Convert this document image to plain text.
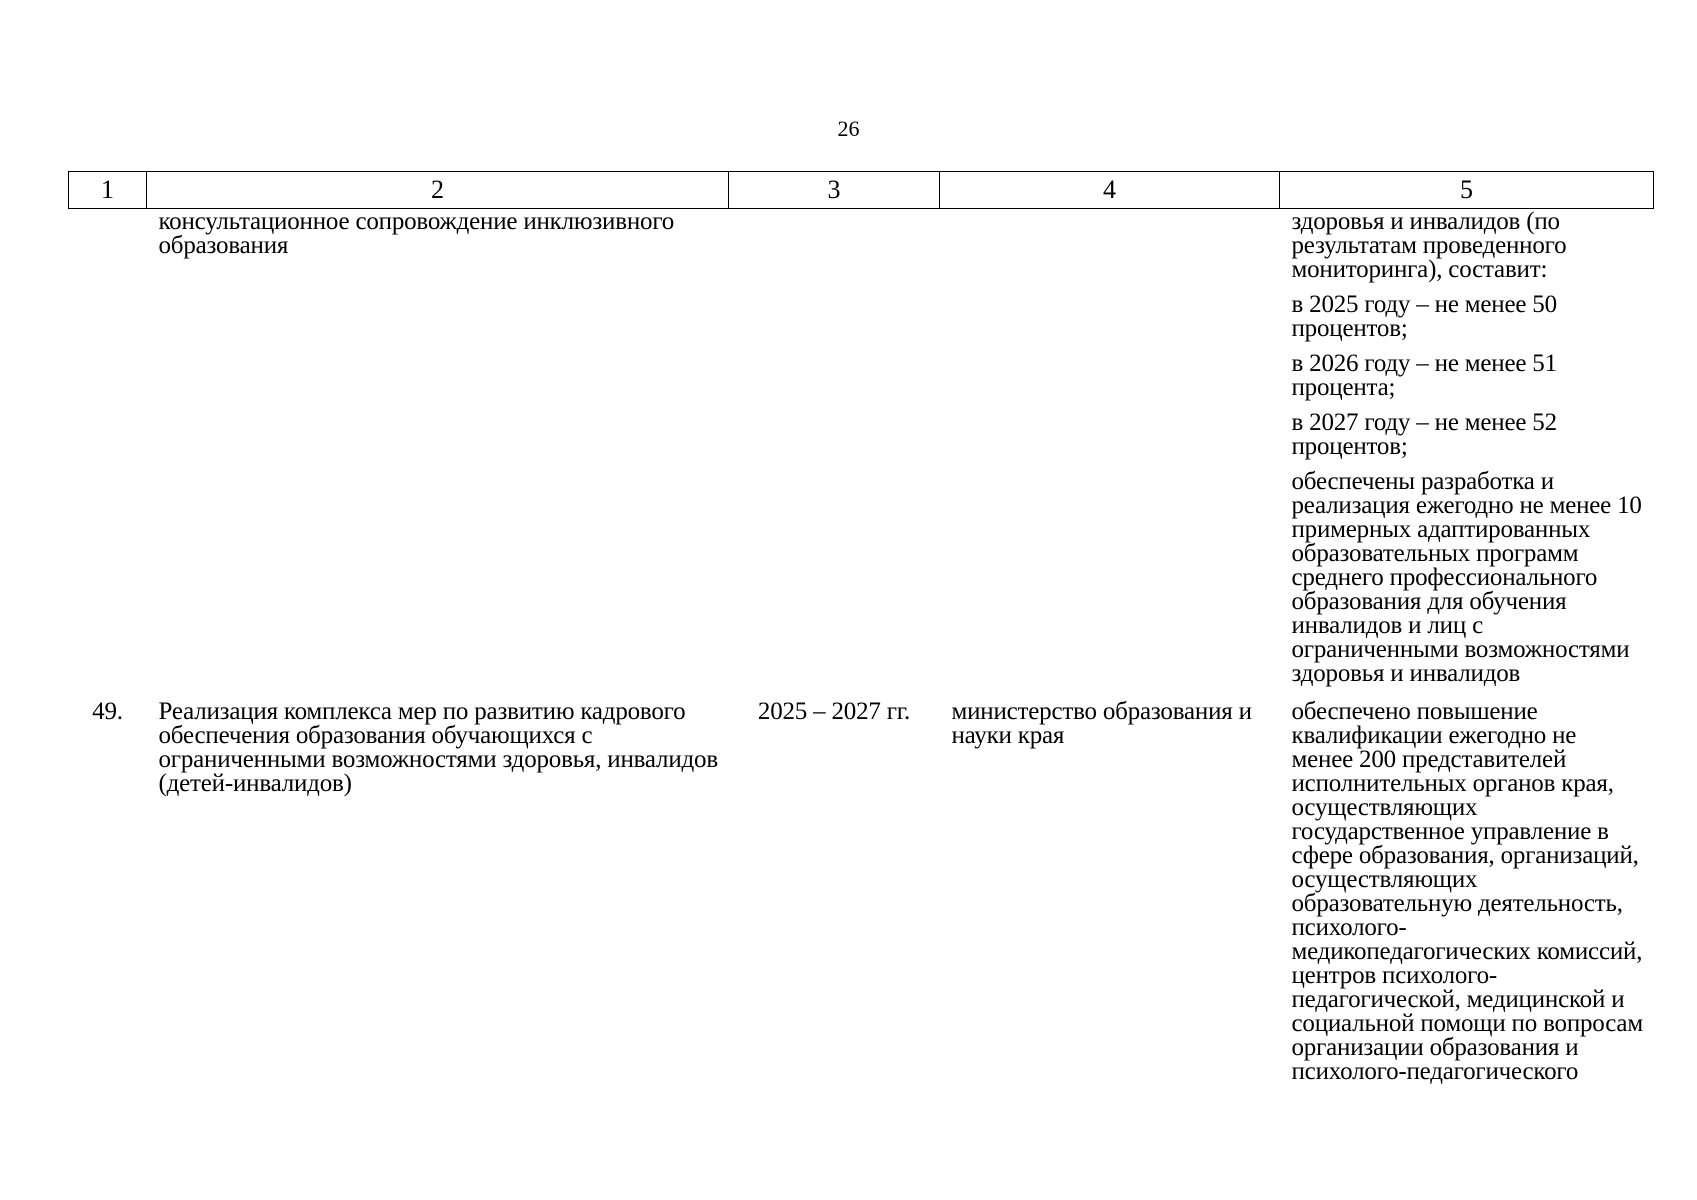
26
1	2	3	4	5
	консультационное сопровождение инклюзивного образования			здоровья и инвалидов (по результатам проведенного мониторинга), составит:
в 2025 году – не менее 50 процентов;
в 2026 году – не менее 51 процента;
в 2027 году – не менее 52 процентов;
обеспечены разработка и реализация ежегодно не менее 10 примерных адаптированных образовательных программ среднего профессионального образования для обучения инвалидов и лиц с ограниченными возможностями здоровья и инвалидов

49.	Реализация комплекса мер по развитию кадрового обеспечения образования обучающихся с ограниченными возможностями здоровья, инвалидов (детей-инвалидов)	2025 – 2027 гг.	министерство образования и науки края	обеспечено повышение квалификации ежегодно не менее 200 представителей исполнительных органов края, осуществляющих государственное управление в сфере образования, организаций, осуществляющих образовательную деятельность, психолого-медикопедагогических комиссий, центров психолого-педагогической, медицинской и социальной помощи по вопросам организации образования и психолого-педагогического
